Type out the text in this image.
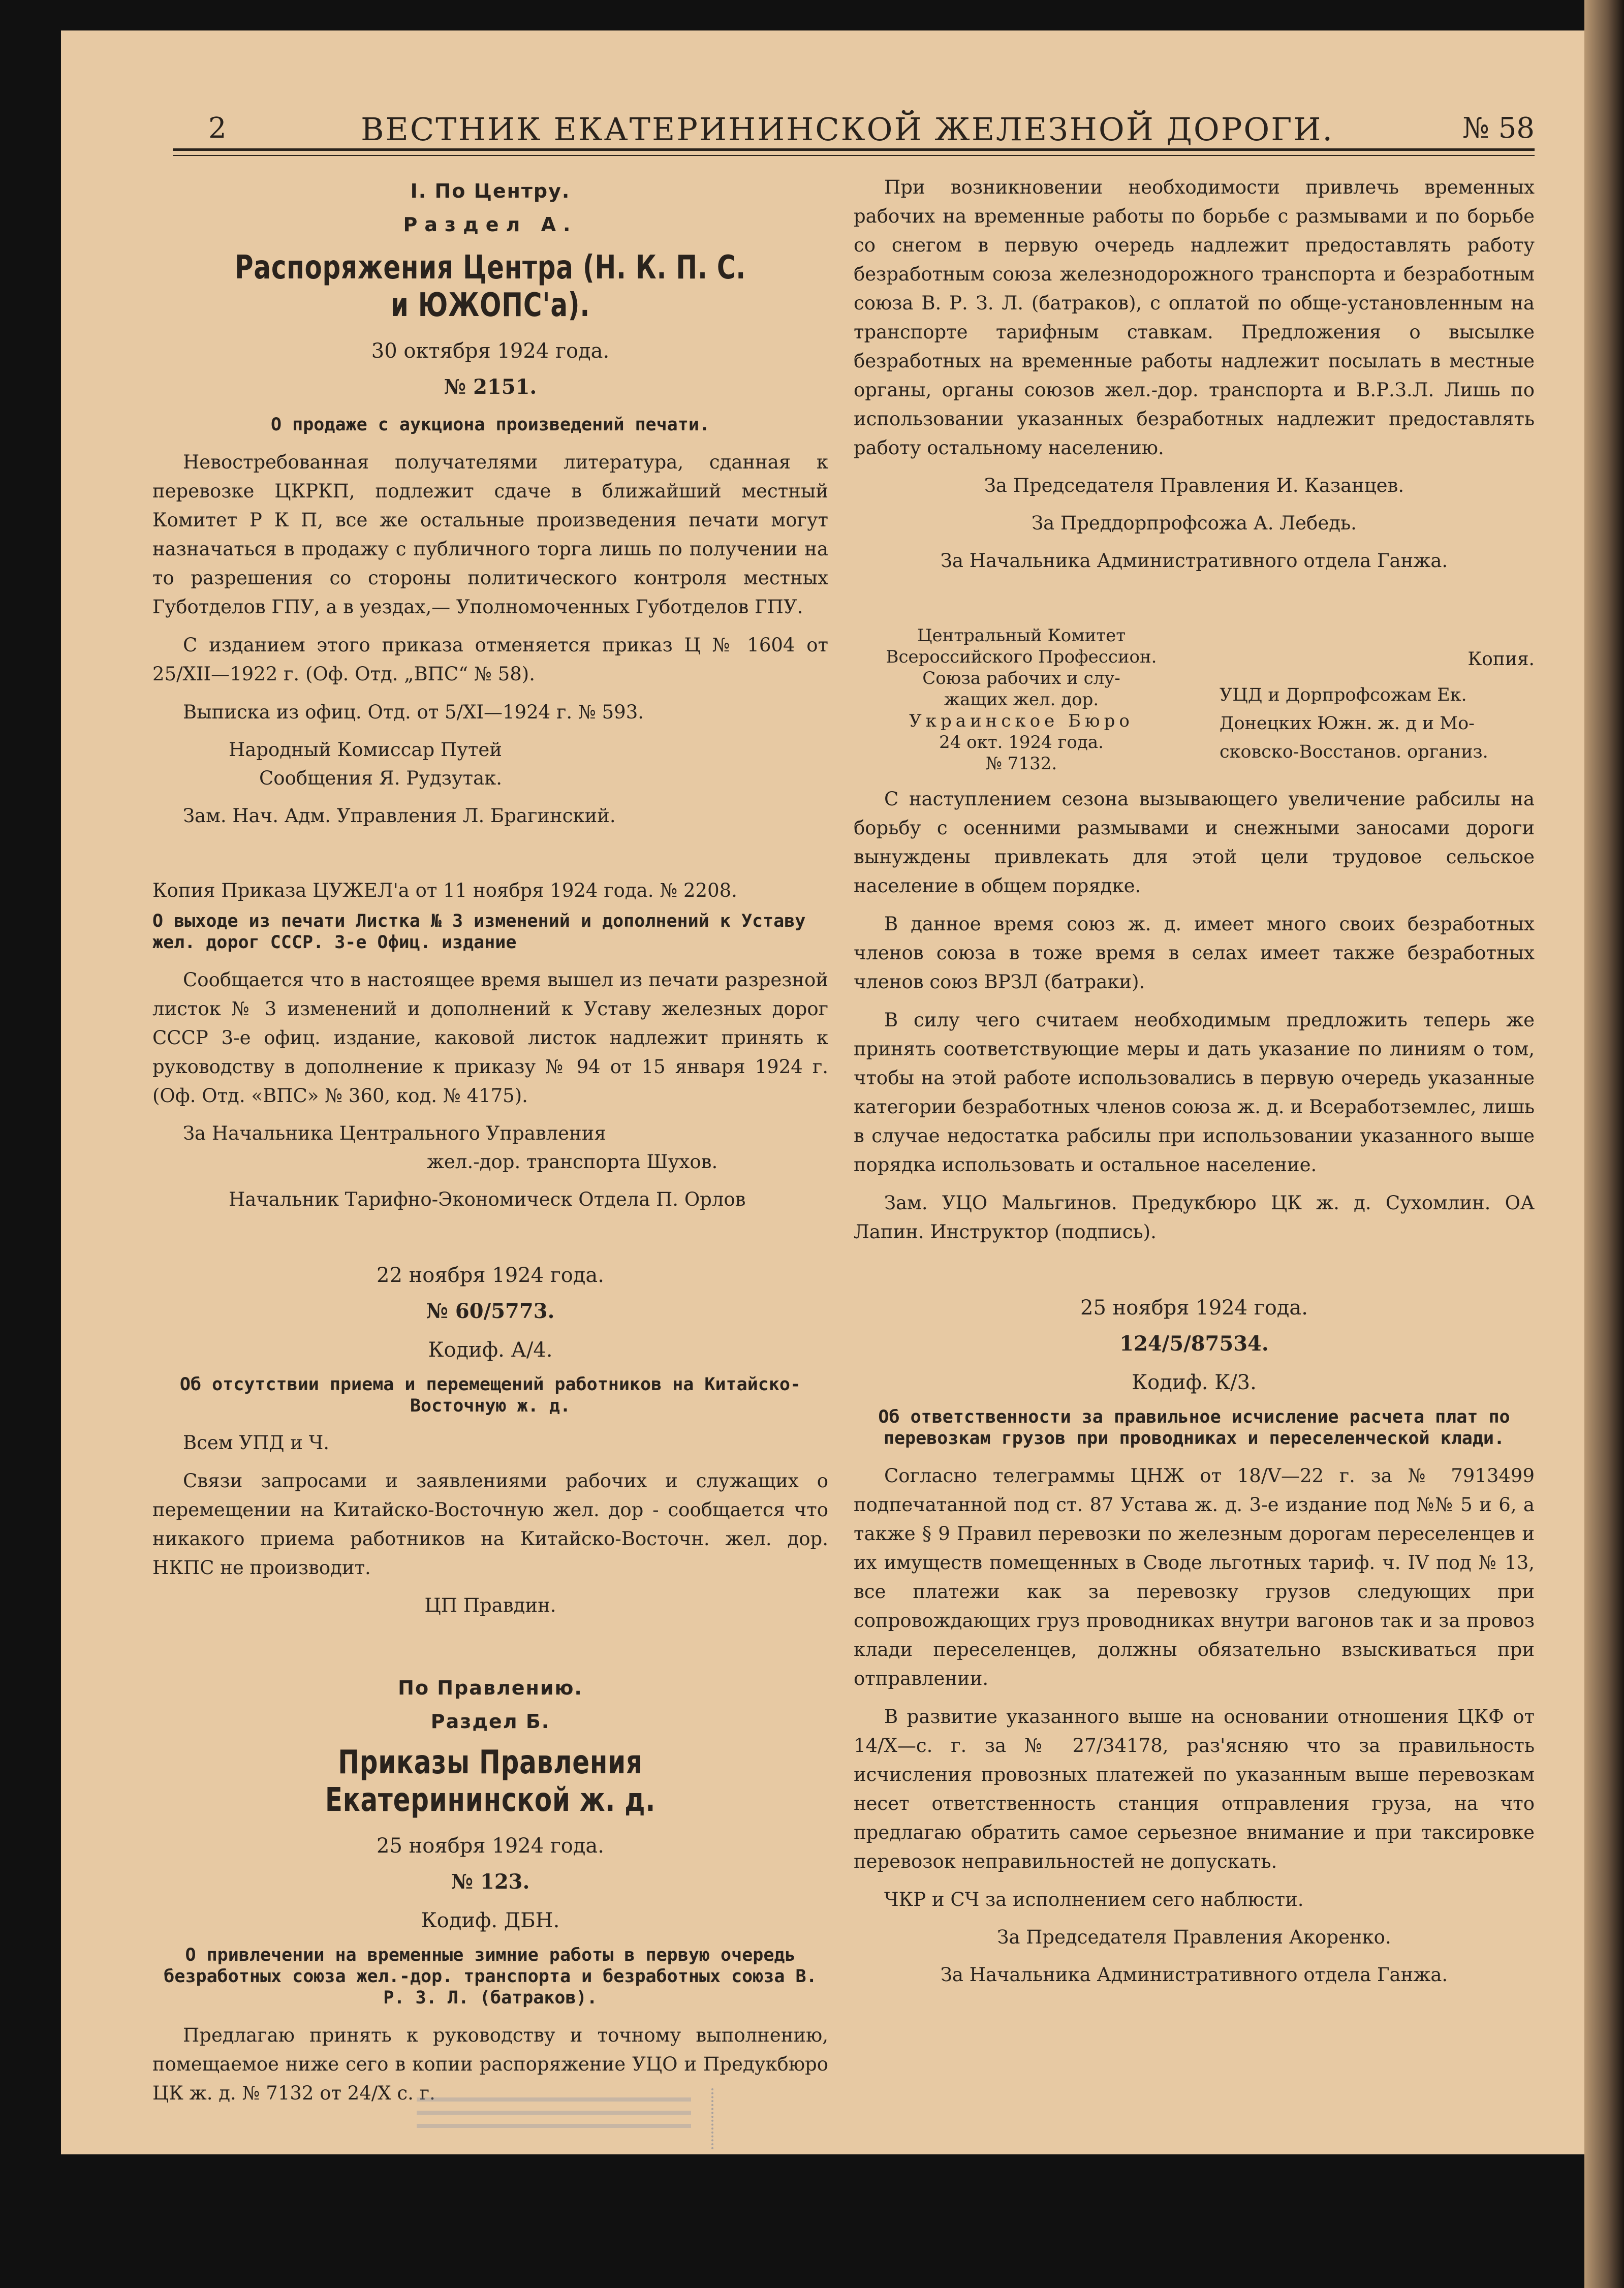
2	ВЕСТНИК ЕКАТЕРИНИНСКОЙ ЖЕЛЕЗНОЙ ДОРОГИ.	№ 58
I. По Центру.
Раздел А.
Распоряжения Центра (Н. К. П. С. и ЮЖОПС'а).
30 октября 1924 года.
№ 2151.
О продаже с аукциона произведений печати.

Невостребованная получателями литература, сданная к перевозке ЦКРКП, подлежит сдаче в ближайший местный Комитет Р К П, все же остальные произведения печати могут назначаться в продажу с публичного торга лишь по получении на то разрешения со стороны политического контроля местных Губотделов ГПУ, а в уездах,— Уполномоченных Губотделов ГПУ.

С изданием этого приказа отменяется приказ Ц № 1604 от 25/XII—1922 г. (Оф. Отд. „ВПС“ № 58).

Выписка из офиц. Отд. от 5/XI—1924 г. № 593.

Народный Комиссар Путей
Сообщения Я. Рудзутак.
Зам. Нач. Адм. Управления Л. Брагинский.
Копия Приказа ЦУЖЕЛ'а от 11 ноября 1924 года. № 2208.
О выходе из печати Листка № 3 изменений и дополнений к Уставу жел. дорог СССР. 3-е Офиц. издание

Сообщается что в настоящее время вышел из печати разрезной листок № 3 изменений и дополнений к Уставу железных дорог СССР 3-е офиц. издание, каковой листок надлежит принять к руководству в дополнение к приказу № 94 от 15 января 1924 г. (Оф. Отд. «ВПС» № 360, код. № 4175).

За Начальника Центрального Управления
жел.-дор. транспорта Шухов.
Начальник Тарифно-Экономическ Отдела П. Орлов
22 ноября 1924 года.
№ 60/5773.
Кодиф. А/4.
Об отсутствии приема и перемещений работников на Китайско-Восточную ж. д.
Всем УПД и Ч.

Связи запросами и заявлениями рабочих и служащих о перемещении на Китайско-Восточную жел. дор - сообщается что никакого приема работников на Китайско-Восточн. жел. дор. НКПС не производит.

ЦП Правдин.
По Правлению.
Раздел Б.
Приказы Правления Екатерининской ж. д.
25 ноября 1924 года.
№ 123.
Кодиф. ДБН.
О привлечении на временные зимние работы в первую очередь безработных союза жел.-дор. транспорта и безработных союза В. Р. З. Л. (батраков).

Предлагаю принять к руководству и точному выполнению, помещаемое ниже сего в копии распоряжение УЦО и Предукбюро ЦК ж. д. № 7132 от 24/X с. г.

При возникновении необходимости привлечь временных рабочих на временные работы по борьбе с размывами и по борьбе со снегом в первую очередь надлежит предоставлять работу безработным союза железнодорожного транспорта и безработным союза В. Р. З. Л. (батраков), с оплатой по обще-установленным на транспорте тарифным ставкам. Предложения о высылке безработных на временные работы надлежит посылать в местные органы, органы союзов жел.-дор. транспорта и В.Р.З.Л. Лишь по использовании указанных безработных надлежит предоставлять работу остальному населению.

За Председателя Правления И. Казанцев.
За Преддорпрофсожа А. Лебедь.
За Начальника Административного отдела Ганжа.
Центральный Комитет
Всероссийского Профессион.
Союза рабочих и слу-
жащих жел. дор.
Украинское Бюро
24 окт. 1924 года.
№ 7132.
Копия.
УЦД и Дорпрофсожам Ек.
Донецких Южн. ж. д и Мо-
сковско-Восстанов. организ.

С наступлением сезона вызывающего увеличение рабсилы на борьбу с осенними размывами и снежными заносами дороги вынуждены привлекать для этой цели трудовое сельское население в общем порядке.

В данное время союз ж. д. имеет много своих безработных членов союза в тоже время в селах имеет также безработных членов союз ВРЗЛ (батраки).

В силу чего считаем необходимым предложить теперь же принять соответствующие меры и дать указание по линиям о том, чтобы на этой работе использовались в первую очередь указанные категории безработных членов союза ж. д. и Всеработземлес, лишь в случае недостатка рабсилы при использовании указанного выше порядка использовать и остальное население.

Зам. УЦО Мальгинов. Предукбюро ЦК ж. д. Сухомлин. ОА Лапин. Инструктор (подпись).

25 ноября 1924 года.
124/5/87534.
Кодиф. К/3.
Об ответственности за правильное исчисление расчета плат по перевозкам грузов при проводниках и переселенческой клади.

Согласно телеграммы ЦНЖ от 18/V—22 г. за № 7913499 подпечатанной под ст. 87 Устава ж. д. 3-е издание под №№ 5 и 6, а также § 9 Правил перевозки по железным дорогам переселенцев и их имуществ помещенных в Своде льготных тариф. ч. IV под № 13, все платежи как за перевозку грузов следующих при сопровождающих груз проводниках внутри вагонов так и за провоз клади переселенцев, должны обязательно взыскиваться при отправлении.

В развитие указанного выше на основании отношения ЦКФ от 14/X—с. г. за № 27/34178, раз'ясняю что за правильность исчисления провозных платежей по указанным выше перевозкам несет ответственность станция отправления груза, на что предлагаю обратить самое серьезное внимание и при таксировке перевозок неправильностей не допускать.

ЧКР и СЧ за исполнением сего наблюсти.

За Председателя Правления Акоренко.
За Начальника Административного отдела Ганжа.
